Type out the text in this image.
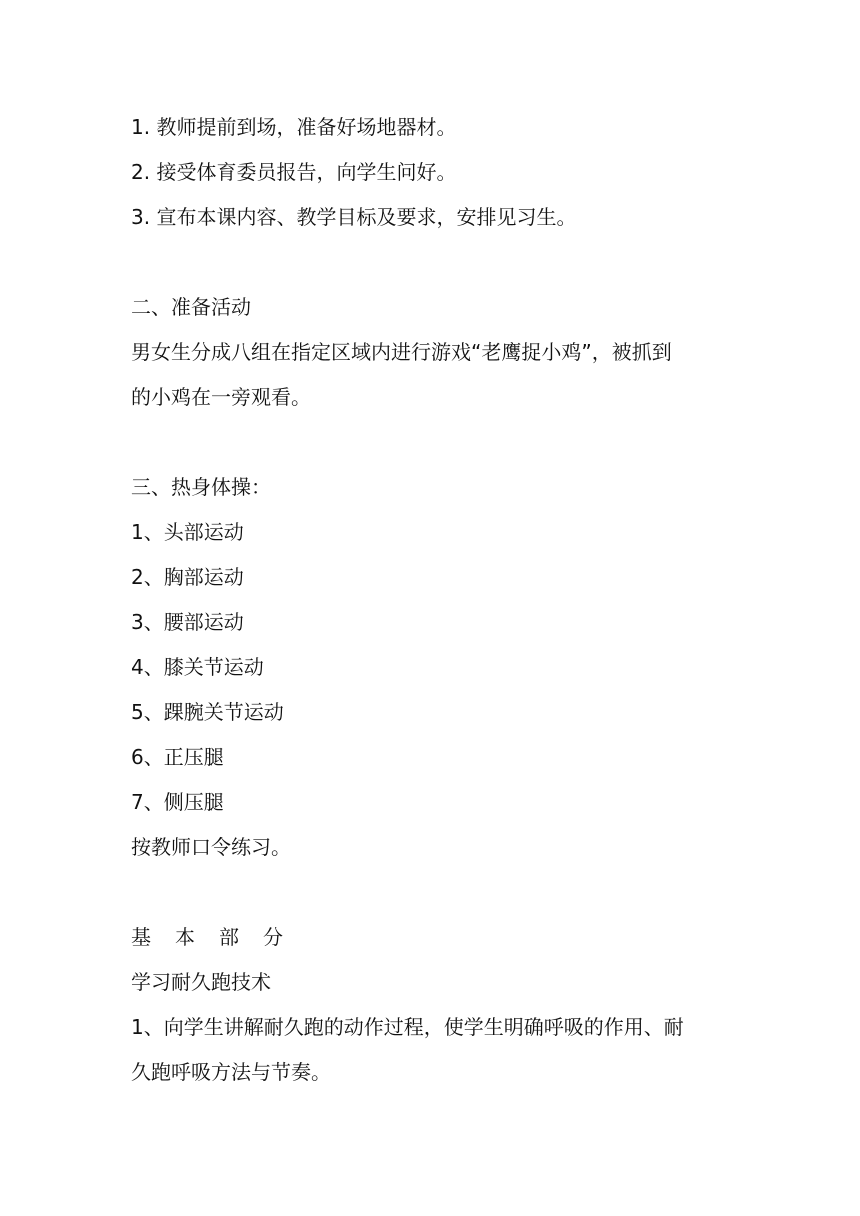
1. 教师提前到场，准备好场地器材。

2. 接受体育委员报告，向学生问好。

3. 宣布本课内容、教学目标及要求，安排见习生。

二、准备活动

男女生分成八组在指定区域内进行游戏“老鹰捉小鸡”，被抓到

的小鸡在一旁观看。

三、热身体操：

1、头部运动

2、胸部运动

3、腰部运动

4、膝关节运动

5、踝腕关节运动

6、正压腿

7、侧压腿

按教师口令练习。

基 本 部 分

学习耐久跑技术

1、向学生讲解耐久跑的动作过程，使学生明确呼吸的作用、耐

久跑呼吸方法与节奏。
